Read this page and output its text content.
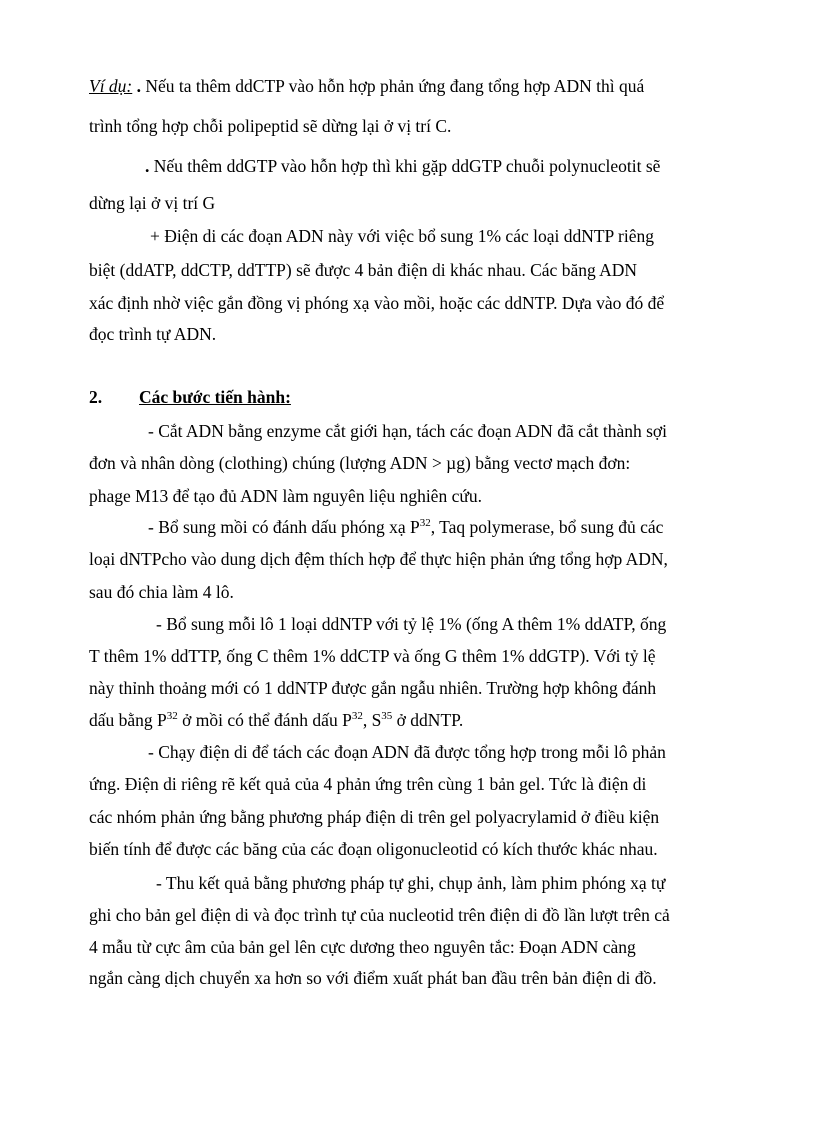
Ví dụ: . Nếu ta thêm ddCTP vào hỗn hợp phản ứng đang tổng hợp ADN thì quá
trình tổng hợp chỗi polipeptid sẽ dừng lại ở vị trí C.
. Nếu thêm ddGTP vào hỗn hợp thì khi gặp ddGTP chuỗi polynucleotit sẽ
dừng lại ở vị trí G
+ Điện di các đoạn ADN này với việc bổ sung 1% các loại ddNTP riêng
biệt (ddATP, ddCTP, ddTTP) sẽ được 4 bản điện di khác nhau. Các băng ADN
xác định nhờ việc gắn đồng vị phóng xạ vào mồi, hoặc các ddNTP. Dựa vào đó để
đọc trình tự ADN.
2. Các bước tiến hành:
- Cắt ADN bằng enzyme cắt giới hạn, tách các đoạn ADN đã cắt thành sợi
đơn và nhân dòng (clothing) chúng (lượng ADN > µg) bằng vectơ mạch đơn:
phage M13 để tạo đủ ADN làm nguyên liệu nghiên cứu.
- Bổ sung mồi có đánh dấu phóng xạ $P^{32}$, Taq polymerase, bổ sung đủ các
loại dNTPcho vào dung dịch đệm thích hợp để thực hiện phản ứng tổng hợp ADN,
sau đó chia làm 4 lô.
- Bổ sung mỗi lô 1 loại ddNTP với tỷ lệ 1% (ống A thêm 1% ddATP, ống
T thêm 1% ddTTP, ống C thêm 1% ddCTP và ống G thêm 1% ddGTP). Với tỷ lệ
này thỉnh thoảng mới có 1 ddNTP được gắn ngẫu nhiên. Trường hợp không đánh
dấu bằng $P^{32}$ ở mồi có thể đánh dấu $P^{32}$, $S^{35}$ ở ddNTP.
- Chạy điện di để tách các đoạn ADN đã được tổng hợp trong mỗi lô phản
ứng. Điện di riêng rẽ kết quả của 4 phản ứng trên cùng 1 bản gel. Tức là điện di
các nhóm phản ứng bằng phương pháp điện di trên gel polyacrylamid ở điều kiện
biến tính để được các băng của các đoạn oligonucleotid có kích thước khác nhau.
- Thu kết quả bằng phương pháp tự ghi, chụp ảnh, làm phim phóng xạ tự
ghi cho bản gel điện di và đọc trình tự của nucleotid trên điện di đồ lần lượt trên cả
4 mẫu từ cực âm của bản gel lên cực dương theo nguyên tắc: Đoạn ADN càng
ngắn càng dịch chuyển xa hơn so với điểm xuất phát ban đầu trên bản điện di đồ.
